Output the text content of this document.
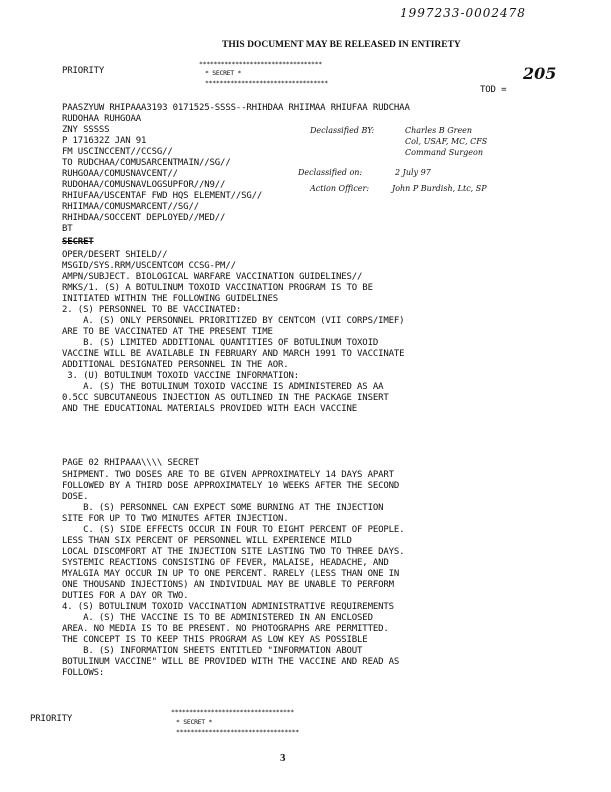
1997233-0002478
THIS DOCUMENT MAY BE RELEASED IN ENTIRETY
PRIORITY
**********************************
* SECRET *
**********************************
TOD =
205
PAASZYUW RHIPAAA3193 0171525-SSSS--RHIHDAA RHIIMAA RHIUFAA RUDCHAA
RUDOHAA RUHGOAA
ZNY SSSSS
P 171632Z JAN 91
FM USCINCCENT//CCSG//
TO RUDCHAA/COMUSARCENTMAIN//SG//
RUHGOAA/COMUSNAVCENT//
RUDOHAA/COMUSNAVLOGSUPFOR//N9//
RHIUFAA/USCENTAF FWD HQS ELEMENT//SG//
RHIIMAA/COMUSMARCENT//SG//
RHIHDAA/SOCCENT DEPLOYED//MED//
BT
Declassified BY:	Charles B Green
Col, USAF, MC, CFS
Command Surgeon
Declassified on:	2 July 97
Action Officer:	John P Burdish, Ltc, SP
SECRET
OPER/DESERT SHIELD//
MSGID/SYS.RRM/USCENTCOM CCSG-PM//
AMPN/SUBJECT. BIOLOGICAL WARFARE VACCINATION GUIDELINES//
RMKS/1. (S) A BOTULINUM TOXOID VACCINATION PROGRAM IS TO BE
INITIATED WITHIN THE FOLLOWING GUIDELINES
2. (S) PERSONNEL TO BE VACCINATED:
A. (S) ONLY PERSONNEL PRIORITIZED BY CENTCOM (VII CORPS/IMEF)
ARE TO BE VACCINATED AT THE PRESENT TIME
B. (S) LIMITED ADDITIONAL QUANTITIES OF BOTULINUM TOXOID
VACCINE WILL BE AVAILABLE IN FEBRUARY AND MARCH 1991 TO VACCINATE
ADDITIONAL DESIGNATED PERSONNEL IN THE AOR.
3. (U) BOTULINUM TOXOID VACCINE INFORMATION:
A. (S) THE BOTULINUM TOXOID VACCINE IS ADMINISTERED AS AA
0.5CC SUBCUTANEOUS INJECTION AS OUTLINED IN THE PACKAGE INSERT
AND THE EDUCATIONAL MATERIALS PROVIDED WITH EACH VACCINE
PAGE 02 RHIPAAA\\\\ SECRET
SHIPMENT. TWO DOSES ARE TO BE GIVEN APPROXIMATELY 14 DAYS APART
FOLLOWED BY A THIRD DOSE APPROXIMATELY 10 WEEKS AFTER THE SECOND
DOSE.
B. (S) PERSONNEL CAN EXPECT SOME BURNING AT THE INJECTION
SITE FOR UP TO TWO MINUTES AFTER INJECTION.
C. (S) SIDE EFFECTS OCCUR IN FOUR TO EIGHT PERCENT OF PEOPLE.
LESS THAN SIX PERCENT OF PERSONNEL WILL EXPERIENCE MILD
LOCAL DISCOMFORT AT THE INJECTION SITE LASTING TWO TO THREE DAYS.
SYSTEMIC REACTIONS CONSISTING OF FEVER, MALAISE, HEADACHE, AND
MYALGIA MAY OCCUR IN UP TO ONE PERCENT. RARELY (LESS THAN ONE IN
ONE THOUSAND INJECTIONS) AN INDIVIDUAL MAY BE UNABLE TO PERFORM
DUTIES FOR A DAY OR TWO.
4. (S) BOTULINUM TOXOID VACCINATION ADMINISTRATIVE REQUIREMENTS
A. (S) THE VACCINE IS TO BE ADMINISTERED IN AN ENCLOSED
AREA. NO MEDIA IS TO BE PRESENT. NO PHOTOGRAPHS ARE PERMITTED.
THE CONCEPT IS TO KEEP THIS PROGRAM AS LOW KEY AS POSSIBLE
B. (S) INFORMATION SHEETS ENTITLED "INFORMATION ABOUT
BOTULINUM VACCINE" WILL BE PROVIDED WITH THE VACCINE AND READ AS
FOLLOWS:
PRIORITY
**********************************
* SECRET *
**********************************
3
